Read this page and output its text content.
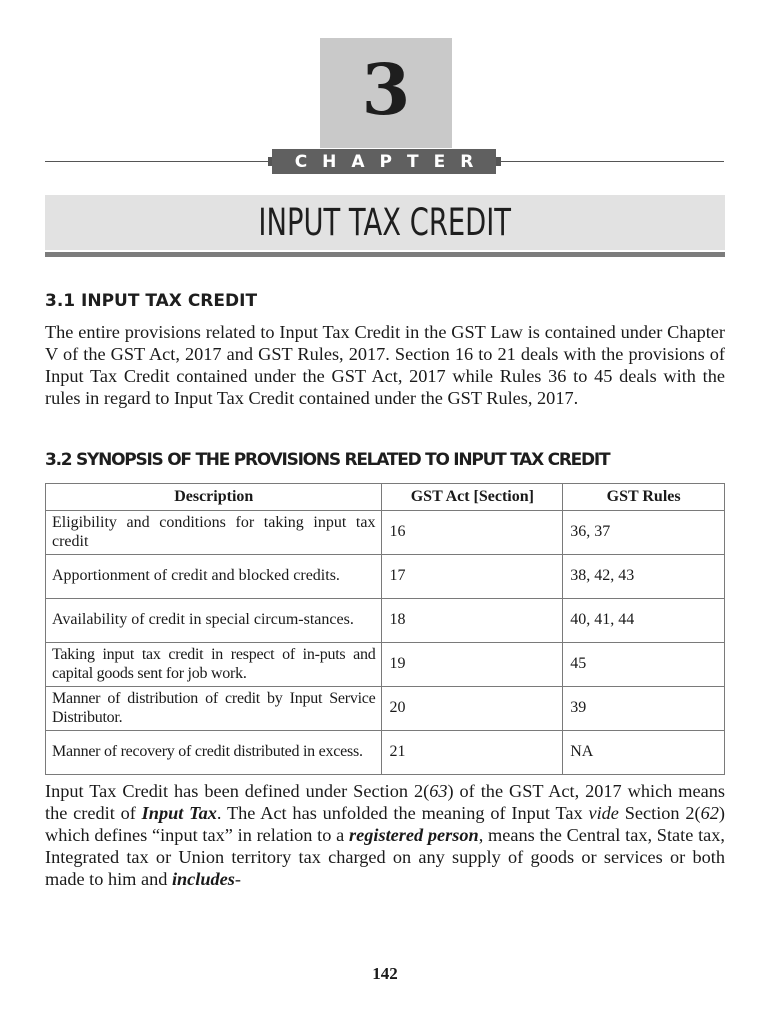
3
CHAPTER
INPUT TAX CREDIT
3.1 INPUT TAX CREDIT

The entire provisions related to Input Tax Credit in the GST Law is contained under Chapter V of the GST Act, 2017 and GST Rules, 2017. Section 16 to 21 deals with the provisions of Input Tax Credit contained under the GST Act, 2017 while Rules 36 to 45 deals with the rules in regard to Input Tax Credit contained under the GST Rules, 2017.

3.2 SYNOPSIS OF THE PROVISIONS RELATED TO INPUT TAX CREDIT
Description	GST Act [Section]	GST Rules
Eligibility and conditions for taking input tax credit	16	36, 37
Apportionment of credit and blocked credits.	17	38, 42, 43
Availability of credit in special circum-stances.	18	40, 41, 44
Taking input tax credit in respect of in-puts and capital goods sent for job work.	19	45
Manner of distribution of credit by Input Service Distributor.	20	39
Manner of recovery of credit distributed in excess.	21	NA

Input Tax Credit has been defined under Section 2(63) of the GST Act, 2017 which means the credit of Input Tax. The Act has unfolded the meaning of Input Tax vide Section 2(62) which defines “input tax” in relation to a registered person, means the Central tax, State tax, Integrated tax or Union territory tax charged on any supply of goods or services or both made to him and includes-

142
